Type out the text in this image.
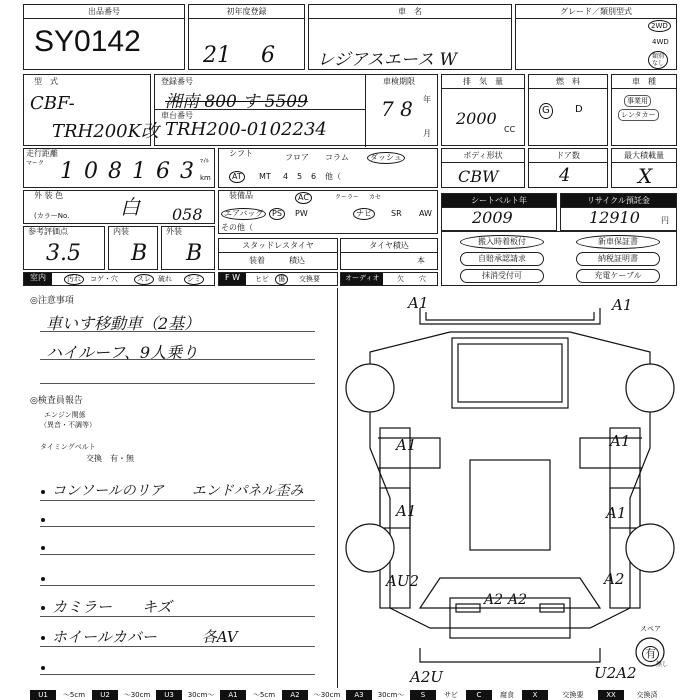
出品番号
SY0142
初年度登録
21 6
車　名
レジアスエース W
グレード／類別型式
2WD
4WD
類別
なし
型　式
CBF-
TRH200K改
登録番号
湘南 800 す 5509
車台番号
TRH200-0102234
車検期限
年
月
7 8
排　気　量
2000
CC
燃　料
G	D
車　種
事業用
レンタカー
走行距離
マーク 1 0 8 1 6 3	ﾏｲﾙ
km
シフト	フロア コラム	ダッシュ
AT	MT 4 5 6 他（
ボディ形状
CBW
ドア数
4
最大積載量
X
外 装 色
(カラーNo.	白 058
装備品	AC	クーラー カセ
エアバッグ	PS	PW	ナビ	SR AW
その他（
シートベルト年
2009
リサイクル預託金
12910	円
参考評価点
3.5
内装
B
外装
B	スタッドレスタイヤ
装着	積込
タイヤ積込
本
搬入時着板付	新車保証書
自賠承認請求	納税証明書
抹消受付可	充電ケーブル
室内	汚れ	コゲ・穴	スレ	破れ	シミ	F W	ヒビ	傷	交換要	オーディオ	欠 穴
◎注意事項
車いす移動車（2基）
ハイルーフ、9人乗り
◎検査員報告
エンジン関係
（異音・不調等）
タイミングベルト
交換　有・無
コンソールのリア　　エンドパネル歪み
カミラー　　キズ
ホイールカバー　　　各AV
A1	A1
A1	A1
A1	A1
AU2	A2
A2 A2
A2U	U2A2
スペア
有
無し
U1	～5cm	U2	～30cm	U3	30cm～	A1	～5cm	A2	～30cm	A3	30cm～	S	サビ	C	腐食	X	交換要	XX	交換済
